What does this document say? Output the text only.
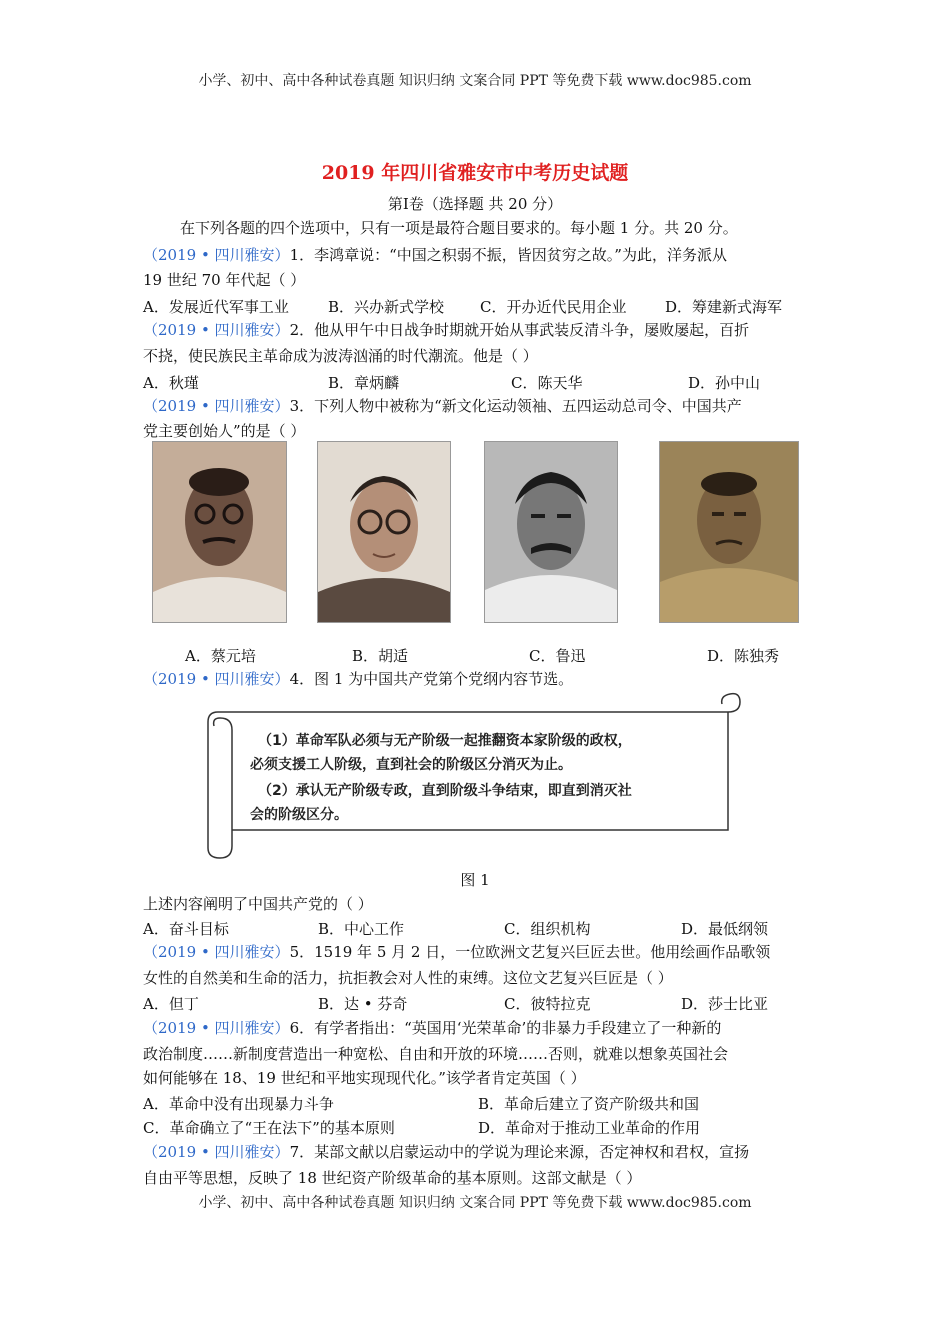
小学、初中、高中各种试卷真题 知识归纳 文案合同 PPT 等免费下载 www.doc985.com
2019 年四川省雅安市中考历史试题
第Ⅰ卷（选择题 共 20 分）
在下列各题的四个选项中，只有一项是最符合题目要求的。每小题 1 分。共 20 分。
（2019 • 四川雅安）1．李鸿章说：“中国之积弱不振，皆因贫穷之故。”为此，洋务派从
19 世纪 70 年代起（ ）
A．发展近代军事工业	B．兴办新式学校 C．开办近代民用企业	D．筹建新式海军
（2019 • 四川雅安）2．他从甲午中日战争时期就开始从事武装反清斗争，屡败屡起，百折
不挠，使民族民主革命成为波涛汹涌的时代潮流。他是（ ）
A．秋瑾	B．章炳麟	C．陈天华	D．孙中山
（2019 • 四川雅安）3．下列人物中被称为“新文化运动领袖、五四运动总司令、中国共产
党主要创始人”的是（ ）
A．蔡元培	B．胡适	C．鲁迅	D．陈独秀
（2019 • 四川雅安）4．图 1 为中国共产党第个党纲内容节选。
（1）革命军队必须与无产阶级一起推翻资本家阶级的政权，
必须支援工人阶级，直到社会的阶级区分消灭为止。
（2）承认无产阶级专政，直到阶级斗争结束，即直到消灭社
会的阶级区分。
图 1
上述内容阐明了中国共产党的（ ）
A．奋斗目标	B．中心工作	C．组织机构	D．最低纲领
（2019 • 四川雅安）5．1519 年 5 月 2 日，一位欧洲文艺复兴巨匠去世。他用绘画作品歌领
女性的自然美和生命的活力，抗拒教会对人性的束缚。这位文艺复兴巨匠是（ ）
A．但丁	B．达 • 芬奇	C．彼特拉克	D．莎士比亚
（2019 • 四川雅安）6．有学者指出：“英国用‘光荣革命’的非暴力手段建立了一种新的
政治制度……新制度营造出一种宽松、自由和开放的环境……否则，就难以想象英国社会
如何能够在 18、19 世纪和平地实现现代化。”该学者肯定英国（ ）
A．革命中没有出现暴力斗争	B．革命后建立了资产阶级共和国
C．革命确立了“王在法下”的基本原则	D．革命对于推动工业革命的作用
（2019 • 四川雅安）7．某部文献以启蒙运动中的学说为理论来源，否定神权和君权，宣扬
自由平等思想，反映了 18 世纪资产阶级革命的基本原则。这部文献是（ ）
小学、初中、高中各种试卷真题 知识归纳 文案合同 PPT 等免费下载 www.doc985.com
